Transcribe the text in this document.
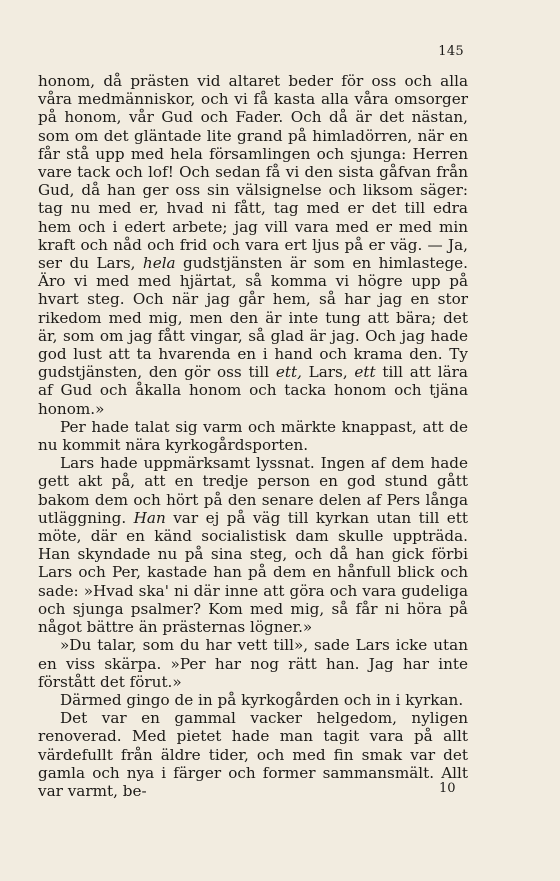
145

honom, då prästen vid altaret beder för oss och alla våra medmänniskor, och vi få kasta alla våra omsorger på honom, vår Gud och Fader. Och då är det nästan, som om det gläntade lite grand på himladörren, när en får stå upp med hela församlingen och sjunga: Herren vare tack och lof! Och sedan få vi den sista gåfvan från Gud, då han ger oss sin välsignelse och liksom säger: tag nu med er, hvad ni fått, tag med er det till edra hem och i edert arbete; jag vill vara med er med min kraft och nåd och frid och vara ert ljus på er väg. — Ja, ser du Lars, hela gudstjänsten är som en himlastege. Äro vi med med hjärtat, så komma vi högre upp på hvart steg. Och när jag går hem, så har jag en stor rikedom med mig, men den är inte tung att bära; det är, som om jag fått vingar, så glad är jag. Och jag hade god lust att ta hvarenda en i hand och krama den. Ty gudstjänsten, den gör oss till ett, Lars, ett till att lära af Gud och åkalla honom och tacka honom och tjäna honom.»

Per hade talat sig varm och märkte knappast, att de nu kommit nära kyrkogårdsporten.

Lars hade uppmärksamt lyssnat. Ingen af dem hade gett akt på, att en tredje person en god stund gått bakom dem och hört på den senare delen af Pers långa utläggning. Han var ej på väg till kyrkan utan till ett möte, där en känd socialistisk dam skulle uppträda. Han skyndade nu på sina steg, och då han gick förbi Lars och Per, kastade han på dem en hånfull blick och sade: »Hvad ska' ni där inne att göra och vara gudeliga och sjunga psalmer? Kom med mig, så får ni höra på något bättre än prästernas lögner.»

»Du talar, som du har vett till», sade Lars icke utan en viss skärpa. »Per har nog rätt han. Jag har inte förstått det förut.»

Därmed gingo de in på kyrkogården och in i kyrkan.

Det var en gammal vacker helgedom, nyligen renoverad. Med pietet hade man tagit vara på allt värdefullt från äldre tider, och med fin smak var det gamla och nya i färger och former sammansmält. Allt var varmt, be-	10
